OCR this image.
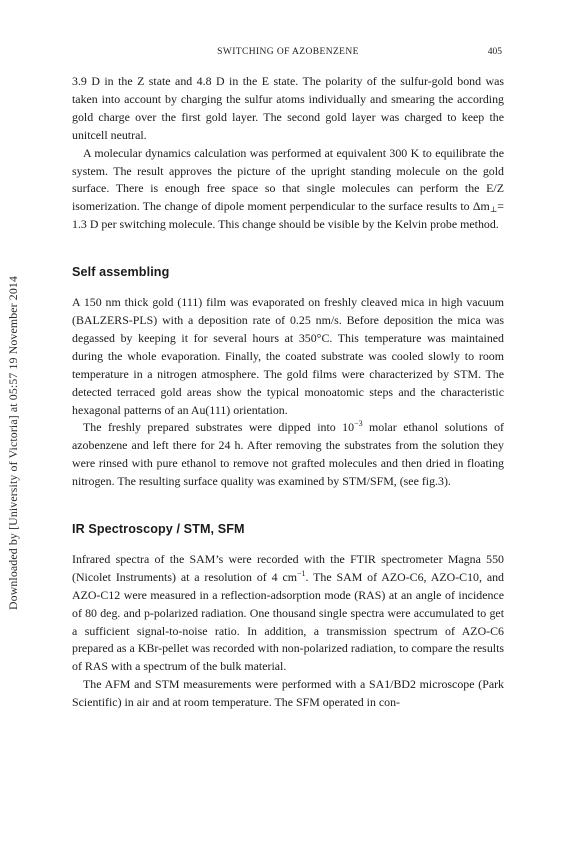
Downloaded by [University of Victoria] at 05:57 19 November 2014
SWITCHING OF AZOBENZENE	405

3.9 D in the Z state and 4.8 D in the E state. The polarity of the sulfur-gold bond was taken into account by charging the sulfur atoms individually and smearing the according gold charge over the first gold layer. The second gold layer was charged to keep the unitcell neutral.

A molecular dynamics calculation was performed at equivalent 300 K to equilibrate the system. The result approves the picture of the upright standing molecule on the gold surface. There is enough free space so that single molecules can perform the E/Z isomerization. The change of dipole moment perpendicular to the surface results to $\Delta m_\perp= 1.3$ D per switching molecule. This change should be visible by the Kelvin probe method.

Self assembling

A 150 nm thick gold (111) film was evaporated on freshly cleaved mica in high vacuum (BALZERS-PLS) with a deposition rate of 0.25 nm/s. Before deposition the mica was degassed by keeping it for several hours at 350°C. This temperature was maintained during the whole evaporation. Finally, the coated substrate was cooled slowly to room temperature in a nitrogen atmosphere. The gold films were characterized by STM. The detected terraced gold areas show the typical monoatomic steps and the characteristic hexagonal patterns of an Au(111) orientation.

The freshly prepared substrates were dipped into $10^{-3}$ molar ethanol solutions of azobenzene and left there for 24 h. After removing the substrates from the solution they were rinsed with pure ethanol to remove not grafted molecules and then dried in floating nitrogen. The resulting surface quality was examined by STM/SFM, (see fig.3).

IR Spectroscopy / STM, SFM

Infrared spectra of the SAM’s were recorded with the FTIR spectrometer Magna 550 (Nicolet Instruments) at a resolution of 4 $cm^{-1}$. The SAM of AZO-C6, AZO-C10, and AZO-C12 were measured in a reflection-adsorption mode (RAS) at an angle of incidence of 80 deg. and p-polarized radiation. One thousand single spectra were accumulated to get a sufficient signal-to-noise ratio. In addition, a transmission spectrum of AZO-C6 prepared as a KBr-pellet was recorded with non-polarized radiation, to compare the results of RAS with a spectrum of the bulk material.

The AFM and STM measurements were performed with a SA1/BD2 microscope (Park Scientific) in air and at room temperature. The SFM operated in con-
